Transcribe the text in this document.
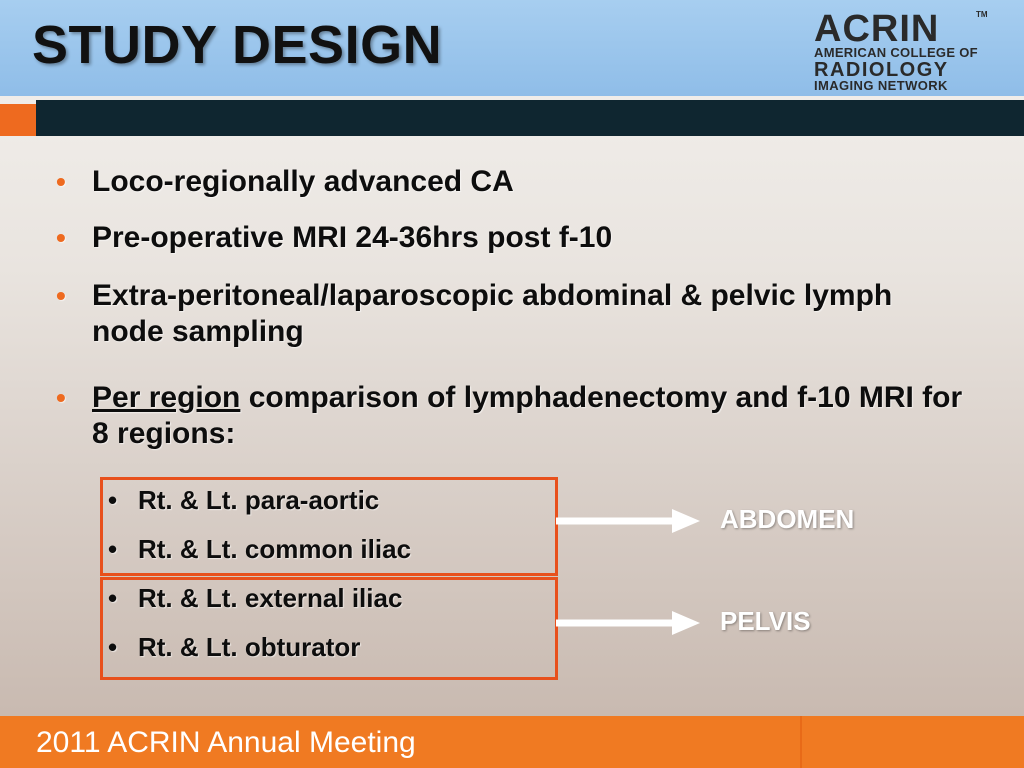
STUDY DESIGN	ACRIN	TM
AMERICAN COLLEGE OF
RADIOLOGY
IMAGING NETWORK
• Loco-regionally advanced CA
• Pre-operative MRI 24-36hrs post f-10
• Extra-peritoneal/laparoscopic abdominal & pelvic lymph node sampling
• Per region comparison of lymphadenectomy and f-10 MRI for 8 regions:
• Rt. & Lt. para-aortic
• Rt. & Lt. common iliac
• Rt. & Lt. external iliac
• Rt. & Lt. obturator
ABDOMEN
PELVIS
2011 ACRIN Annual Meeting
